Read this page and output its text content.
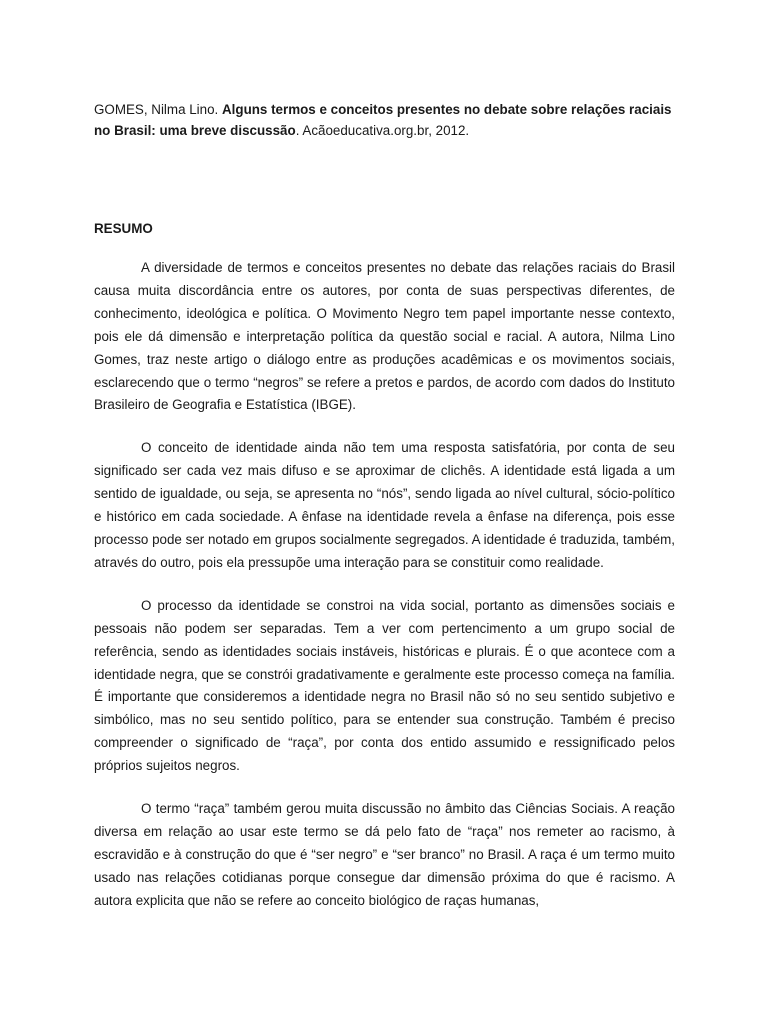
GOMES, Nilma Lino. Alguns termos e conceitos presentes no debate sobre relações raciais no Brasil: uma breve discussão. Acãoeducativa.org.br, 2012.
RESUMO

A diversidade de termos e conceitos presentes no debate das relações raciais do Brasil causa muita discordância entre os autores, por conta de suas perspectivas diferentes, de conhecimento, ideológica e política. O Movimento Negro tem papel importante nesse contexto, pois ele dá dimensão e interpretação política da questão social e racial. A autora, Nilma Lino Gomes, traz neste artigo o diálogo entre as produções acadêmicas e os movimentos sociais, esclarecendo que o termo “negros” se refere a pretos e pardos, de acordo com dados do Instituto Brasileiro de Geografia e Estatística (IBGE).

O conceito de identidade ainda não tem uma resposta satisfatória, por conta de seu significado ser cada vez mais difuso e se aproximar de clichês. A identidade está ligada a um sentido de igualdade, ou seja, se apresenta no “nós”, sendo ligada ao nível cultural, sócio-político e histórico em cada sociedade. A ênfase na identidade revela a ênfase na diferença, pois esse processo pode ser notado em grupos socialmente segregados. A identidade é traduzida, também, através do outro, pois ela pressupõe uma interação para se constituir como realidade.

O processo da identidade se constroi na vida social, portanto as dimensões sociais e pessoais não podem ser separadas. Tem a ver com pertencimento a um grupo social de referência, sendo as identidades sociais instáveis, históricas e plurais. É o que acontece com a identidade negra, que se constrói gradativamente e geralmente este processo começa na família. É importante que consideremos a identidade negra no Brasil não só no seu sentido subjetivo e simbólico, mas no seu sentido político, para se entender sua construção. Também é preciso compreender o significado de “raça”, por conta dos entido assumido e ressignificado pelos próprios sujeitos negros.

O termo “raça” também gerou muita discussão no âmbito das Ciências Sociais. A reação diversa em relação ao usar este termo se dá pelo fato de “raça” nos remeter ao racismo, à escravidão e à construção do que é “ser negro” e “ser branco” no Brasil. A raça é um termo muito usado nas relações cotidianas porque consegue dar dimensão próxima do que é racismo. A autora explicita que não se refere ao conceito biológico de raças humanas,
